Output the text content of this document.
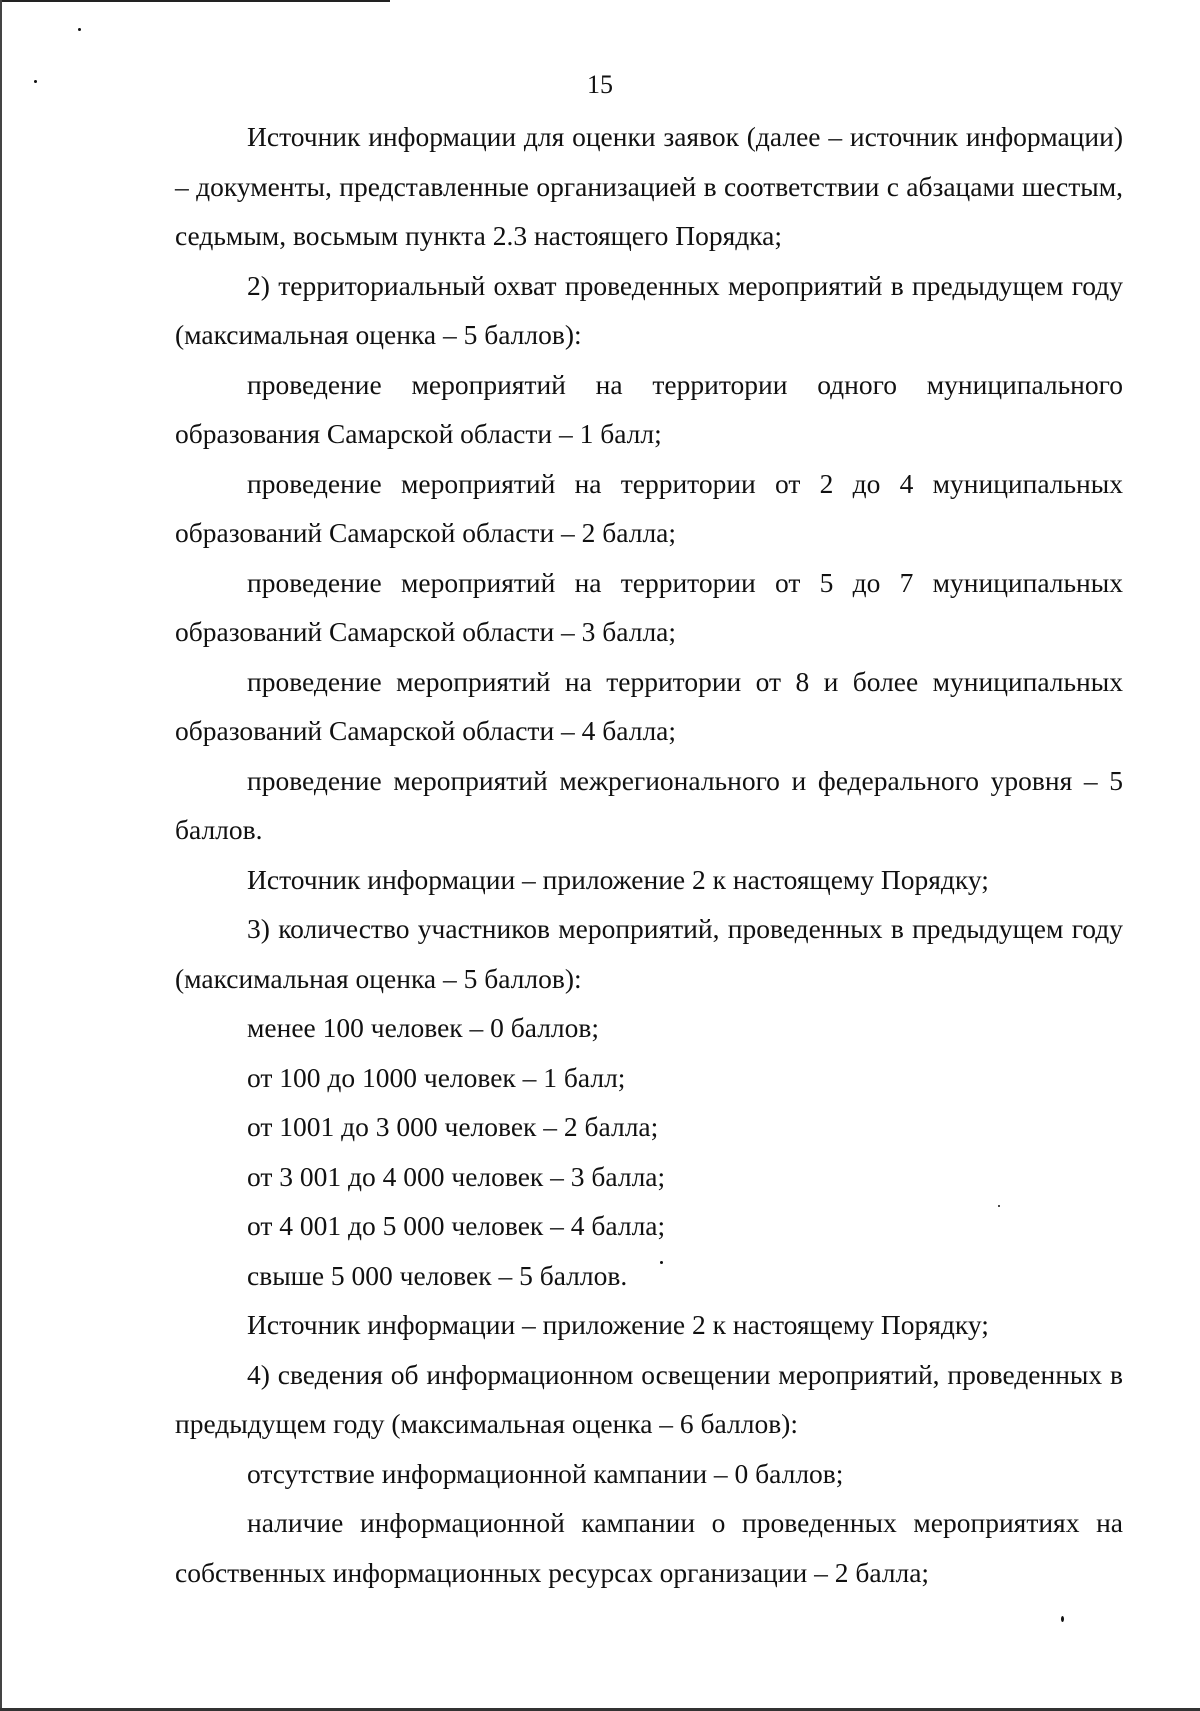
15

Источник информации для оценки заявок (далее – источник информации) – документы, представленные организацией в соответствии с абзацами шестым, седьмым, восьмым пункта 2.3 настоящего Порядка;

2) территориальный охват проведенных мероприятий в предыдущем году (максимальная оценка – 5 баллов):

проведение мероприятий на территории одного муниципального образования Самарской области – 1 балл;

проведение мероприятий на территории от 2 до 4 муниципальных образований Самарской области – 2 балла;

проведение мероприятий на территории от 5 до 7 муниципальных образований Самарской области – 3 балла;

проведение мероприятий на территории от 8 и более муниципальных образований Самарской области – 4 балла;

проведение мероприятий межрегионального и федерального уровня – 5 баллов.

Источник информации – приложение 2 к настоящему Порядку;

3) количество участников мероприятий, проведенных в предыдущем году (максимальная оценка – 5 баллов):

менее 100 человек – 0 баллов;

от 100 до 1000 человек – 1 балл;

от 1001 до 3 000 человек – 2 балла;

от 3 001 до 4 000 человек – 3 балла;

от 4 001 до 5 000 человек – 4 балла;

свыше 5 000 человек – 5 баллов.

Источник информации – приложение 2 к настоящему Порядку;

4) сведения об информационном освещении мероприятий, проведенных в предыдущем году (максимальная оценка – 6 баллов):

отсутствие информационной кампании – 0 баллов;

наличие информационной кампании о проведенных мероприятиях на собственных информационных ресурсах организации – 2 балла;
